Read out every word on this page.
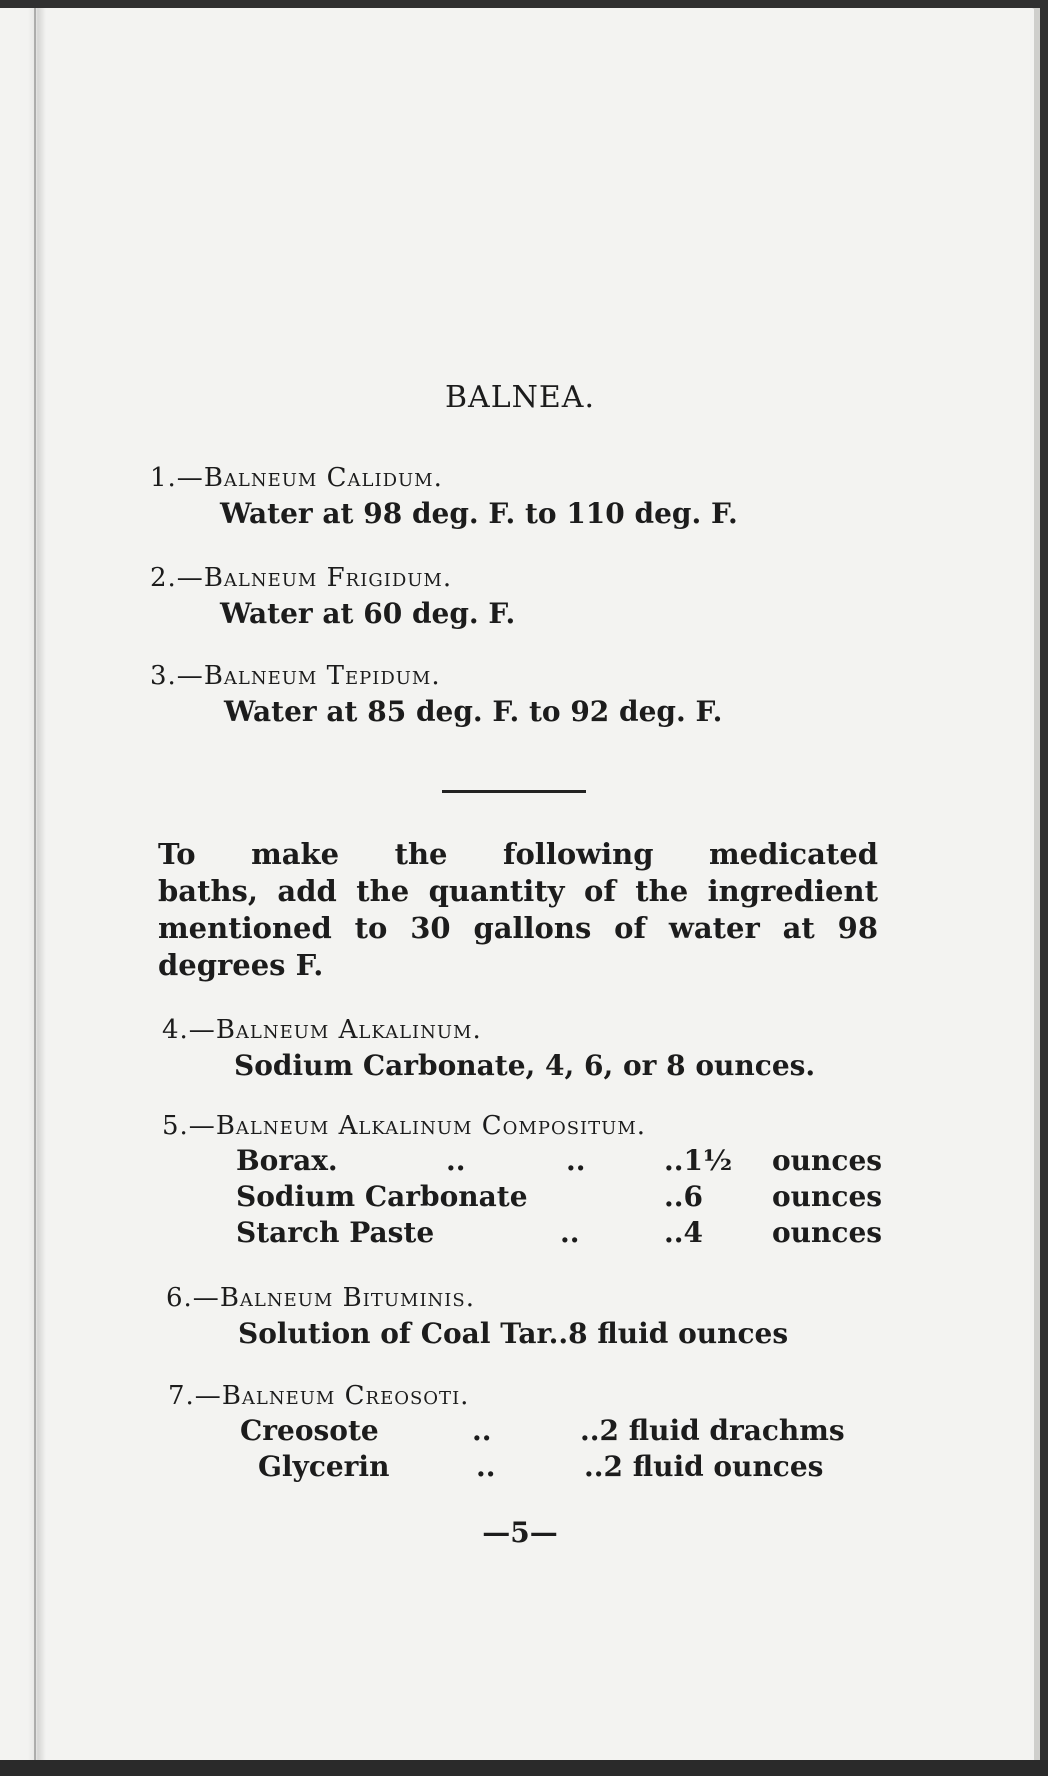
BALNEA.
1.—Balneum Calidum.
Water at 98 deg. F. to 110 deg. F.
2.—Balneum Frigidum.
Water at 60 deg. F.
3.—Balneum Tepidum.
Water at 85 deg. F. to 92 deg. F.
To make the following medicated
baths, add the quantity of the ingredient
mentioned to 30 gallons of water at 98
degrees F.
4.—Balneum Alkalinum.
Sodium Carbonate, 4, 6, or 8 ounces.
5.—Balneum Alkalinum Compositum.
Borax.	..	..	..1½ ounces
Sodium Carbonate	..6 ounces
Starch Paste	..	..4 ounces
6.—Balneum Bituminis.
Solution of Coal Tar..8 fluid ounces
7.—Balneum Creosoti.
Creosote	..	..2 fluid drachms
Glycerin	..	..2 fluid ounces
—5—
